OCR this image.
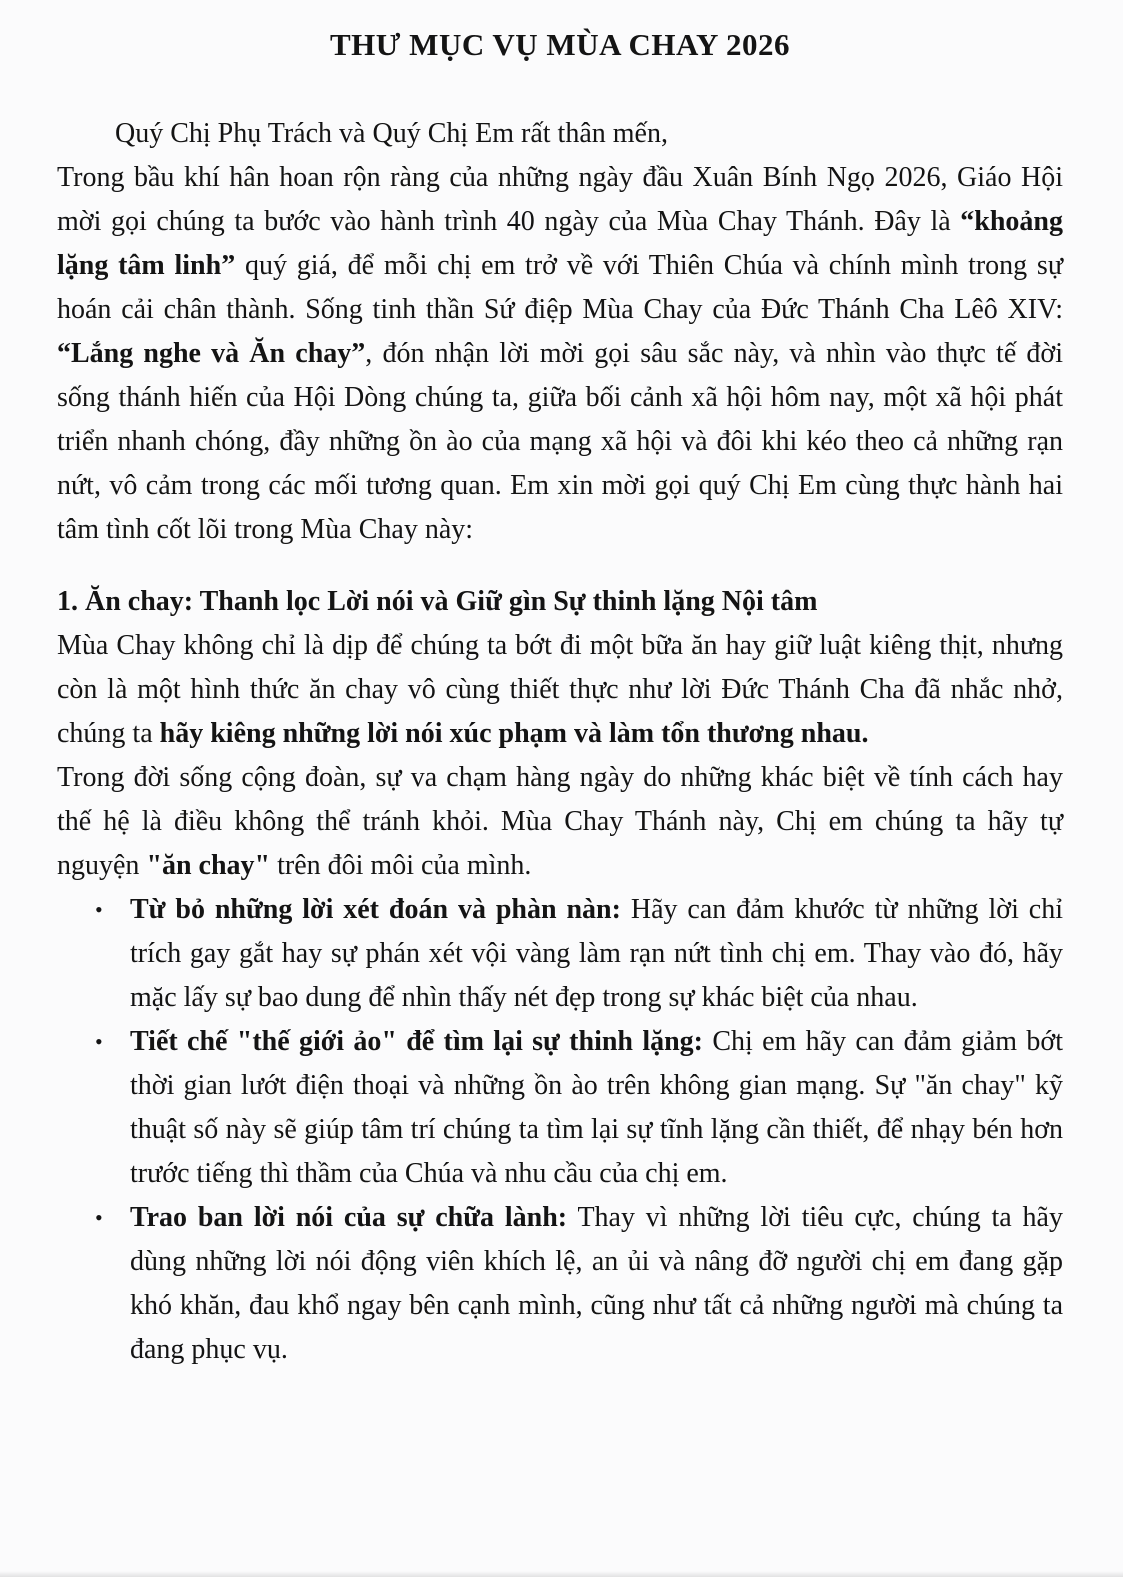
THƯ MỤC VỤ MÙA CHAY 2026

Quý Chị Phụ Trách và Quý Chị Em rất thân mến,

Trong bầu khí hân hoan rộn ràng của những ngày đầu Xuân Bính Ngọ 2026, Giáo Hội mời gọi chúng ta bước vào hành trình 40 ngày của Mùa Chay Thánh. Đây là “khoảng lặng tâm linh” quý giá, để mỗi chị em trở về với Thiên Chúa và chính mình trong sự hoán cải chân thành. Sống tinh thần Sứ điệp Mùa Chay của Đức Thánh Cha Lêô XIV: “Lắng nghe và Ăn chay”, đón nhận lời mời gọi sâu sắc này, và nhìn vào thực tế đời sống thánh hiến của Hội Dòng chúng ta, giữa bối cảnh xã hội hôm nay, một xã hội phát triển nhanh chóng, đầy những ồn ào của mạng xã hội và đôi khi kéo theo cả những rạn nứt, vô cảm trong các mối tương quan. Em xin mời gọi quý Chị Em cùng thực hành hai tâm tình cốt lõi trong Mùa Chay này:

1. Ăn chay: Thanh lọc Lời nói và Giữ gìn Sự thinh lặng Nội tâm

Mùa Chay không chỉ là dịp để chúng ta bớt đi một bữa ăn hay giữ luật kiêng thịt, nhưng còn là một hình thức ăn chay vô cùng thiết thực như lời Đức Thánh Cha đã nhắc nhở, chúng ta hãy kiêng những lời nói xúc phạm và làm tổn thương nhau.

Trong đời sống cộng đoàn, sự va chạm hàng ngày do những khác biệt về tính cách hay thế hệ là điều không thể tránh khỏi. Mùa Chay Thánh này, Chị em chúng ta hãy tự nguyện "ăn chay" trên đôi môi của mình.

• Từ bỏ những lời xét đoán và phàn nàn: Hãy can đảm khước từ những lời chỉ trích gay gắt hay sự phán xét vội vàng làm rạn nứt tình chị em. Thay vào đó, hãy mặc lấy sự bao dung để nhìn thấy nét đẹp trong sự khác biệt của nhau.
• Tiết chế "thế giới ảo" để tìm lại sự thinh lặng: Chị em hãy can đảm giảm bớt thời gian lướt điện thoại và những ồn ào trên không gian mạng. Sự "ăn chay" kỹ thuật số này sẽ giúp tâm trí chúng ta tìm lại sự tĩnh lặng cần thiết, để nhạy bén hơn trước tiếng thì thầm của Chúa và nhu cầu của chị em.
• Trao ban lời nói của sự chữa lành: Thay vì những lời tiêu cực, chúng ta hãy dùng những lời nói động viên khích lệ, an ủi và nâng đỡ người chị em đang gặp khó khăn, đau khổ ngay bên cạnh mình, cũng như tất cả những người mà chúng ta đang phục vụ.
